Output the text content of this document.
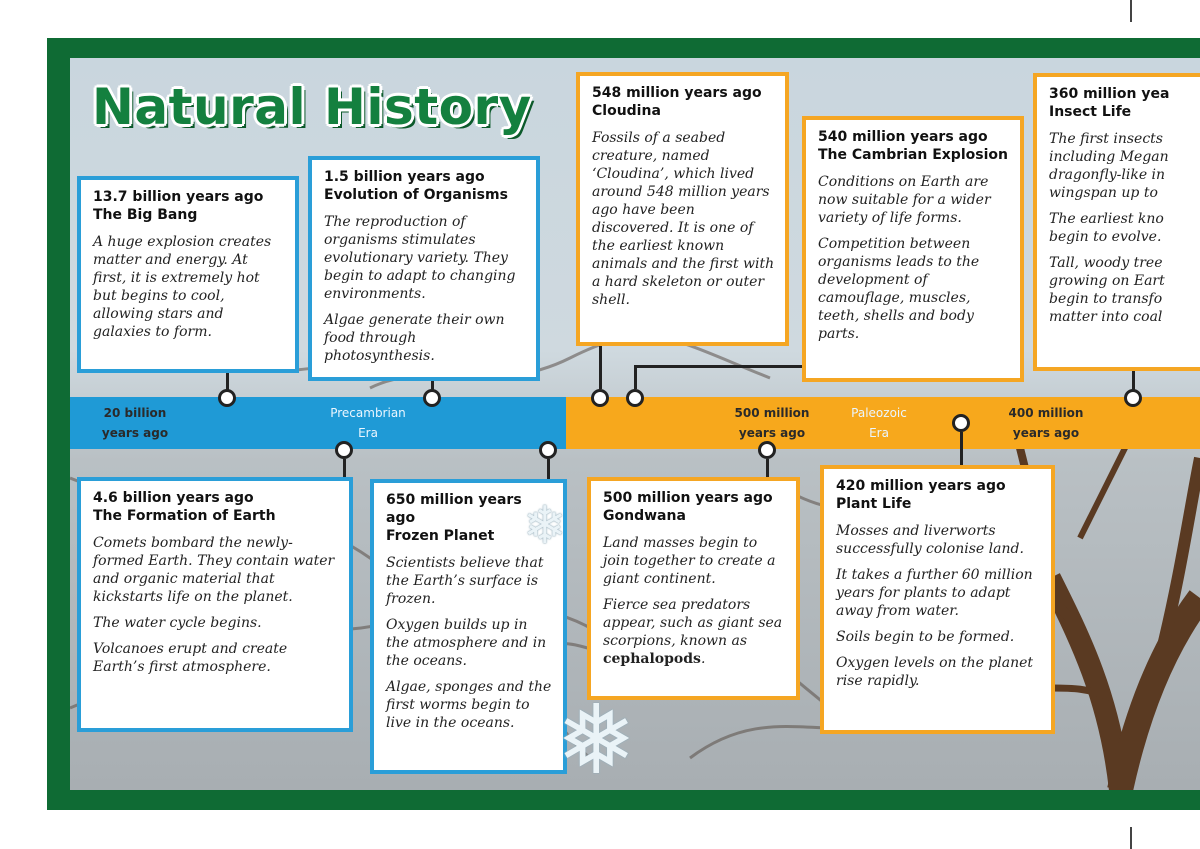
Natural History
20 billion
years ago
Precambrian
Era
500 million
years ago
Paleozoic
Era
400 million
years ago
13.7 billion years ago
The Big Bang

A huge explosion creates matter and energy. At first, it is extremely hot but begins to cool, allowing stars and galaxies to form.

1.5 billion years ago
Evolution of Organisms

The reproduction of organisms stimulates evolutionary variety. They begin to adapt to changing environments.

Algae generate their own food through photosynthesis.

548 million years ago
Cloudina

Fossils of a seabed creature, named ‘Cloudina’, which lived around 548 million years ago have been discovered. It is one of the earliest known animals and the first with a hard skeleton or outer shell.

540 million years ago
The Cambrian Explosion

Conditions on Earth are now suitable for a wider variety of life forms.

Competition between organisms leads to the development of camouflage, muscles, teeth, shells and body parts.

360 million yea
Insect Life

The first insects including Megan dragonfly-like in wingspan up to

The earliest kno begin to evolve.

Tall, woody tree growing on Eart begin to transfo matter into coal

4.6 billion years ago
The Formation of Earth

Comets bombard the newly-formed Earth. They contain water and organic material that kickstarts life on the planet.

The water cycle begins.

Volcanoes erupt and create Earth’s first atmosphere.

650 million years ago
Frozen Planet

Scientists believe that the Earth’s surface is frozen.

Oxygen builds up in the atmosphere and in the oceans.

Algae, sponges and the first worms begin to live in the oceans.

500 million years ago
Gondwana

Land masses begin to join together to create a giant continent.

Fierce sea predators appear, such as giant sea scorpions, known as cephalopods.

420 million years ago
Plant Life

Mosses and liverworts successfully colonise land.

It takes a further 60 million years for plants to adapt away from water.

Soils begin to be formed.

Oxygen levels on the planet rise rapidly.

❄
❅
